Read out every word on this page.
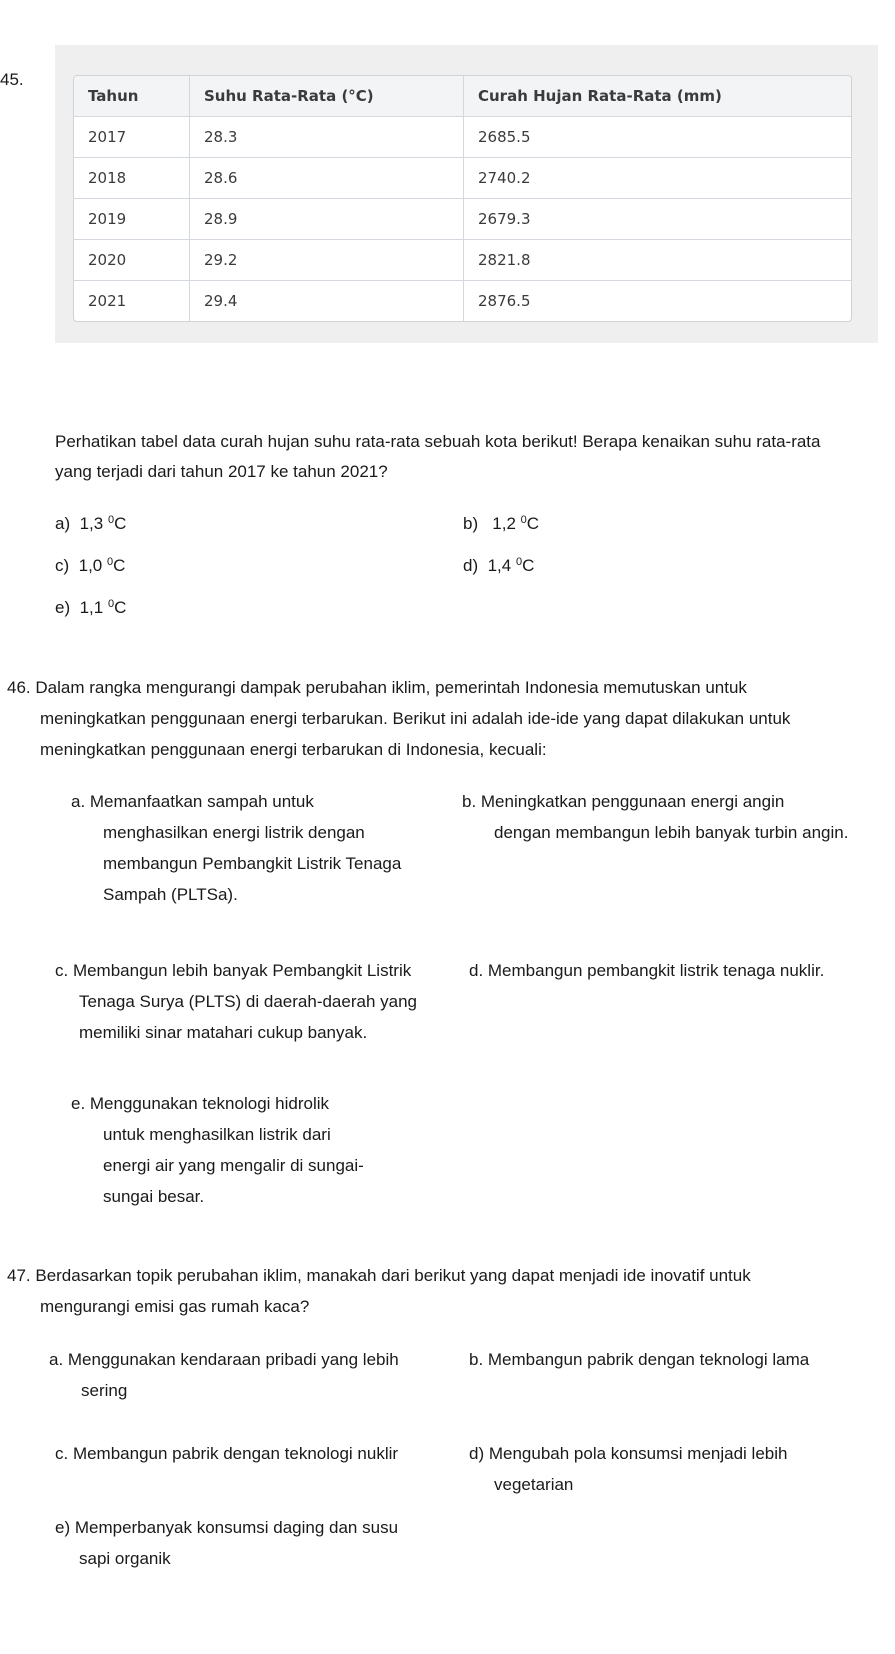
45.
Tahun	Suhu Rata-Rata (°C)	Curah Hujan Rata-Rata (mm)
2017	28.3	2685.5
2018	28.6	2740.2
2019	28.9	2679.3
2020	29.2	2821.8
2021	29.4	2876.5
Perhatikan tabel data curah hujan suhu rata-rata sebuah kota berikut! Berapa kenaikan suhu rata-rata
yang terjadi dari tahun 2017 ke tahun 2021?
a) 1,3 $^0$C	b) 1,2 $^0$C
c) 1,0 $^0$C	d) 1,4 $^0$C
e) 1,1 $^0$C
46. Dalam rangka mengurangi dampak perubahan iklim, pemerintah Indonesia memutuskan untuk
meningkatkan penggunaan energi terbarukan. Berikut ini adalah ide-ide yang dapat dilakukan untuk
meningkatkan penggunaan energi terbarukan di Indonesia, kecuali:
a. Memanfaatkan sampah untuk
menghasilkan energi listrik dengan
membangun Pembangkit Listrik Tenaga
Sampah (PLTSa).
b. Meningkatkan penggunaan energi angin
dengan membangun lebih banyak turbin angin.
c. Membangun lebih banyak Pembangkit Listrik
Tenaga Surya (PLTS) di daerah-daerah yang
memiliki sinar matahari cukup banyak.
d. Membangun pembangkit listrik tenaga nuklir.
e. Menggunakan teknologi hidrolik
untuk menghasilkan listrik dari
energi air yang mengalir di sungai-
sungai besar.
47. Berdasarkan topik perubahan iklim, manakah dari berikut yang dapat menjadi ide inovatif untuk
mengurangi emisi gas rumah kaca?
a. Menggunakan kendaraan pribadi yang lebih
sering
b. Membangun pabrik dengan teknologi lama
c. Membangun pabrik dengan teknologi nuklir	d) Mengubah pola konsumsi menjadi lebih
vegetarian
e) Memperbanyak konsumsi daging dan susu
sapi organik
